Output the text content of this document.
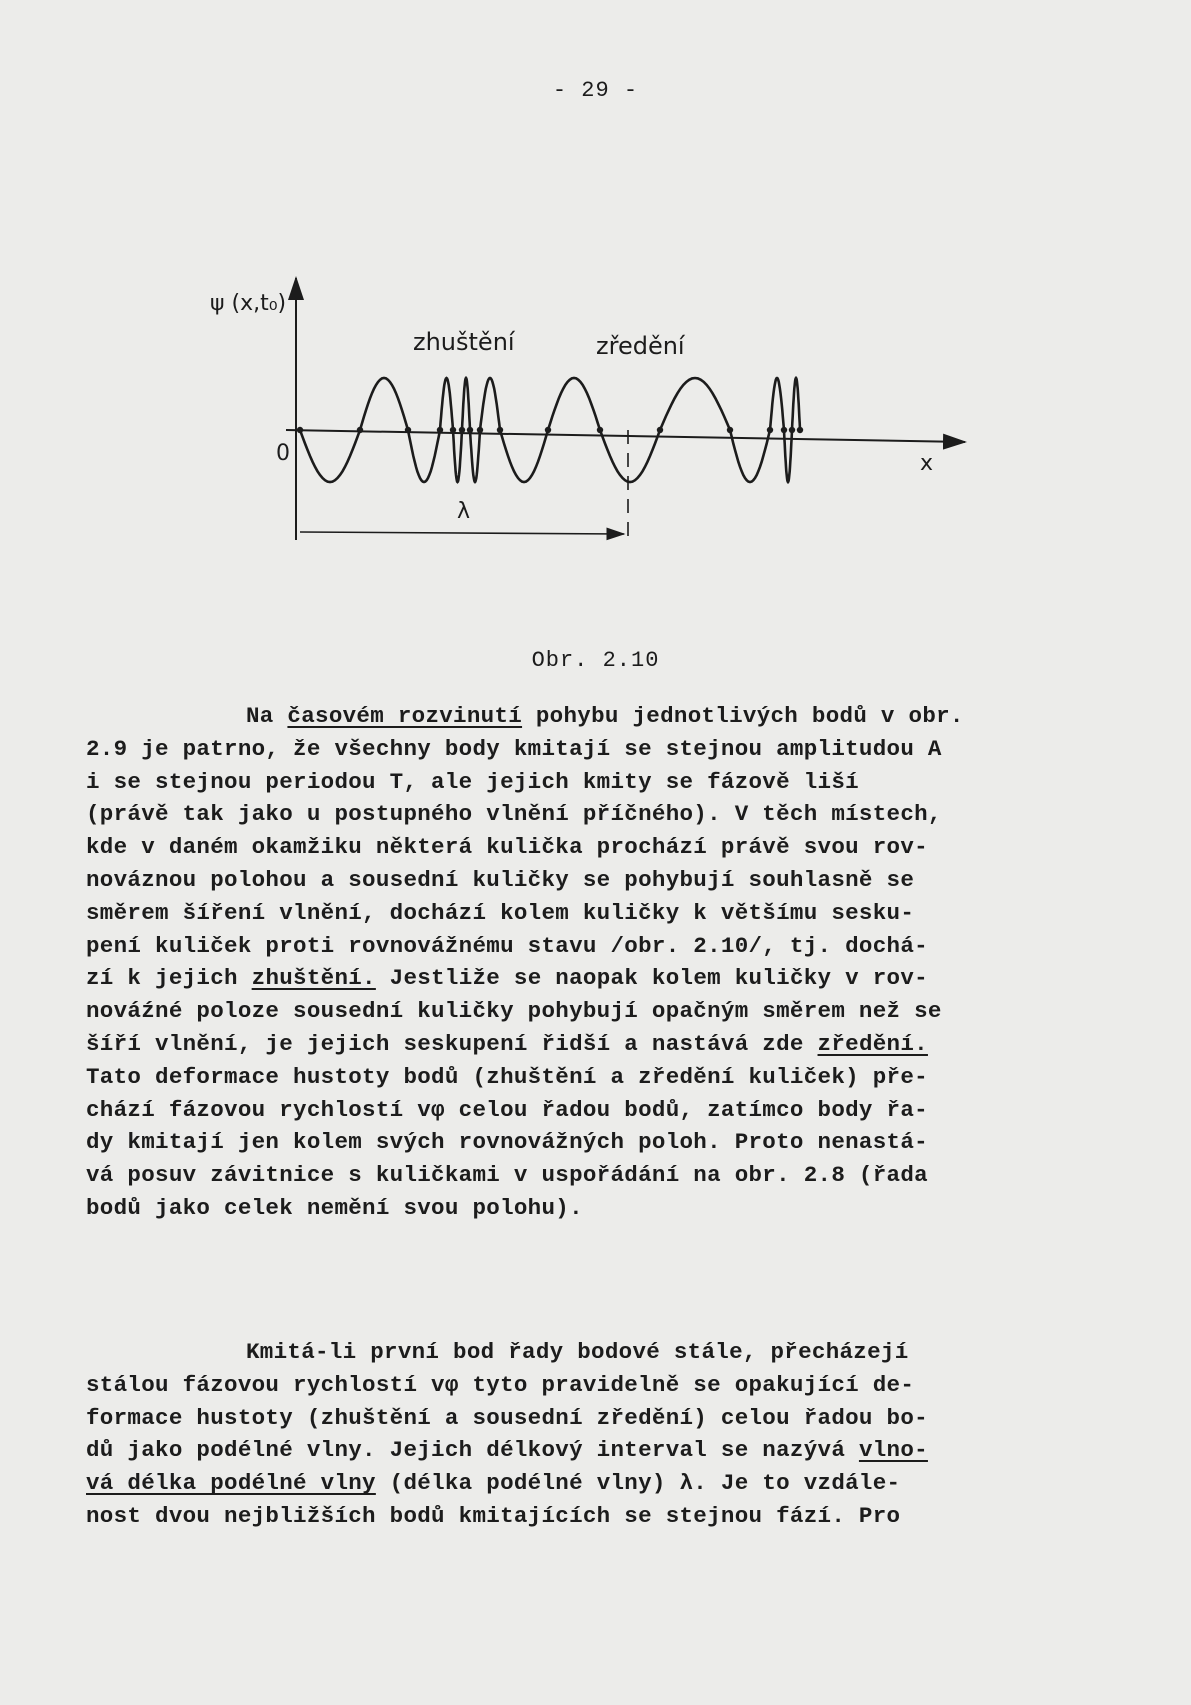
- 29 -
ψ (x,t₀)
0	x
zhuštění	zředění
λ
Obr. 2.10
Na časovém rozvinutí pohybu jednotlivých bodů v obr.
2.9 je patrno, že všechny body kmitají se stejnou amplitudou A
i se stejnou periodou T, ale jejich kmity se fázově liší
(právě tak jako u postupného vlnění příčného). V těch místech,
kde v daném okamžiku některá kulička prochází právě svou rov-
nováznou polohou a sousední kuličky se pohybují souhlasně se
směrem šíření vlnění, dochází kolem kuličky k většímu sesku-
pení kuliček proti rovnovážnému stavu /obr. 2.10/, tj. dochá-
zí k jejich zhuštění. Jestliže se naopak kolem kuličky v rov-
nováźné poloze sousední kuličky pohybují opačným směrem než se
šíří vlnění, je jejich seskupení řidší a nastává zde zředění.
Tato deformace hustoty bodů (zhuštění a zředění kuliček) pře-
chází fázovou rychlostí vφ celou řadou bodů, zatímco body řa-
dy kmitají jen kolem svých rovnovážných poloh. Proto nenastá-
vá posuv závitnice s kuličkami v uspořádání na obr. 2.8 (řada
bodů jako celek nemění svou polohu).
Kmitá-li první bod řady bodové stále, přecházejí
stálou fázovou rychlostí vφ tyto pravidelně se opakující de-
formace hustoty (zhuštění a sousední zředění) celou řadou bo-
dů jako podélné vlny. Jejich délkový interval se nazývá vlno-
vá délka podélné vlny (délka podélné vlny) λ. Je to vzdále-
nost dvou nejbližších bodů kmitajících se stejnou fází. Pro
